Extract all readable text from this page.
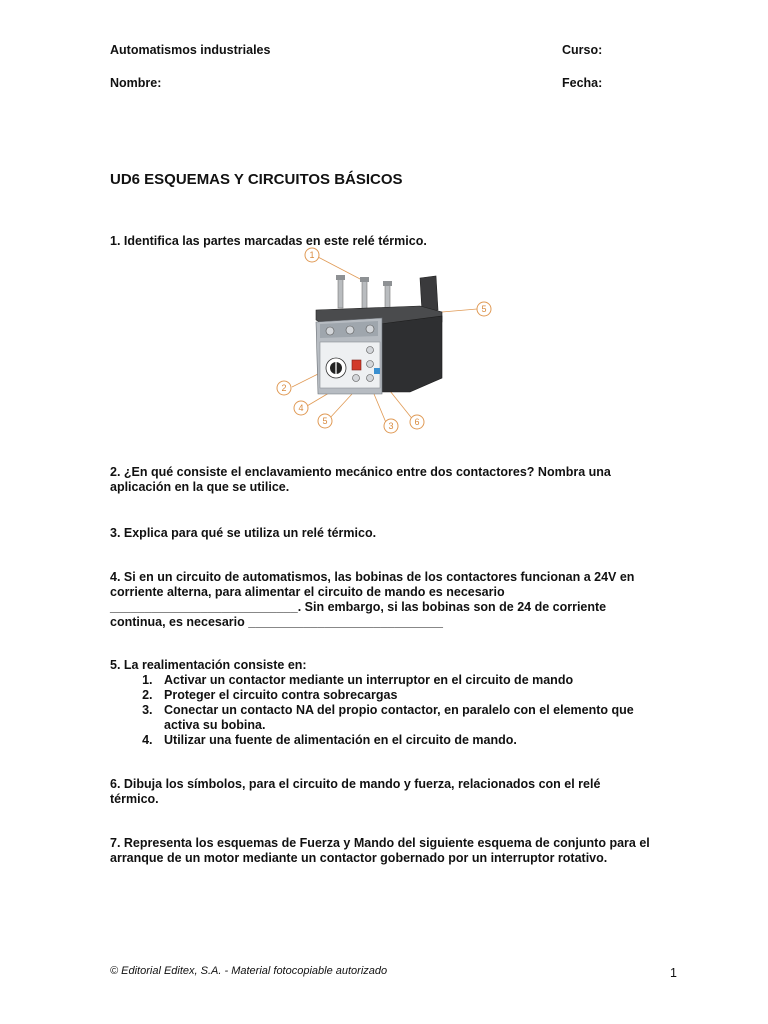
Automatismos industriales	Curso:
Nombre:	Fecha:
UD6 ESQUEMAS Y CIRCUITOS BÁSICOS
1. Identifica las partes marcadas en este relé térmico.
1
5
2
4
5	3 6
2. ¿En qué consiste el enclavamiento mecánico entre dos contactores? Nombra una aplicación en la que se utilice.
3. Explica para qué se utiliza un relé térmico.
4. Si en un circuito de automatismos, las bobinas de los contactores funcionan a 24V en corriente alterna, para alimentar el circuito de mando es necesario ___________________________. Sin embargo, si las bobinas son de 24 de corriente continua, es necesario ____________________________
5. La realimentación consiste en:
1. Activar un contactor mediante un interruptor en el circuito de mando
2. Proteger el circuito contra sobrecargas
3. Conectar un contacto NA del propio contactor, en paralelo con el elemento que activa su bobina.
4. Utilizar una fuente de alimentación en el circuito de mando.
6. Dibuja los símbolos, para el circuito de mando y fuerza, relacionados con el relé térmico.
7. Representa los esquemas de Fuerza y Mando del siguiente esquema de conjunto para el arranque de un motor mediante un contactor gobernado por un interruptor rotativo.
© Editorial Editex, S.A. - Material fotocopiable autorizado	1
